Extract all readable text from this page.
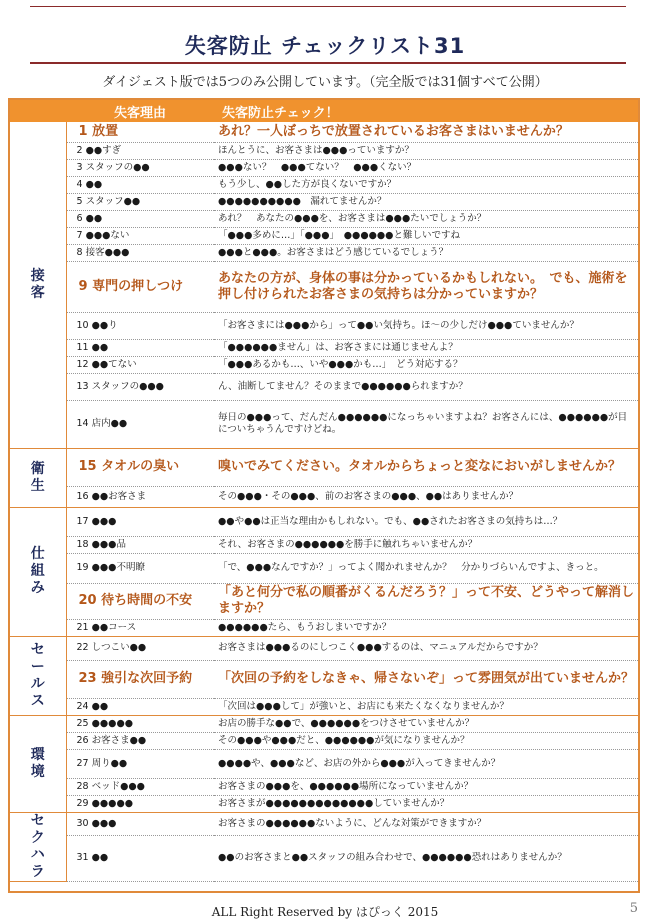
失客防止 チェックリスト31
ダイジェスト版では5つのみ公開しています。（完全版では31個すべて公開）
	失客理由	失客防止チェック！
接客	1 放置	あれ？一人ぼっちで放置されているお客さまはいませんか？
	2 ●●すぎ	ほんとうに、お客さまは●●●っていますか？
	3 スタッフの●●	●●●ない？　●●●てない？　●●●くない？
	4 ●●	もう少し、●●した方が良くないですか？
	5 スタッフ●●	●●●●●●●●●●　漏れてませんか？
	6 ●●	あれ？　あなたの●●●を、お客さまは●●●たいでしょうか？
	7 ●●●ない	「●●●多めに…」「●●●」　●●●●●●と難しいですね
	8 接客●●●	●●●と●●●。お客さまはどう感じているでしょう？
	9 専門の押しつけ	あなたの方が、身体の事は分かっているかもしれない。　でも、施術を押し付けられたお客さまの気持ちは分かっていますか？
	10 ●●り	「お客さまには●●●から」って●●い気持ち。ほ～の少しだけ●●●ていませんか？
	11 ●●	「●●●●●●ません」は、お客さまには通じませんよ？
	12 ●●てない	「●●●あるかも…、いや●●●かも…」　どう対応する？
	13 スタッフの●●●	ん、油断してません？そのままで●●●●●●られますか？
	14 店内●●	毎日の●●●って、だんだん●●●●●●になっちゃいますよね？お客さんには、●●●●●●が目についちゃうんですけどね。
衛生	15 タオルの臭い	嗅いでみてください。タオルからちょっと変なにおいがしませんか？
	16 ●●お客さま	その●●●・その●●●、前のお客さまの●●●、●●はありませんか？
仕組み	17 ●●●	●●や●●は正当な理由かもしれない。でも、●●されたお客さまの気持ちは…？
	18 ●●●品	それ、お客さまの●●●●●●を勝手に触れちゃいませんか？
	19 ●●●不明瞭	「で、●●●なんですか？」ってよく聞かれませんか？　分かりづらいんですよ、きっと。
	20 待ち時間の不安	「あと何分で私の順番がくるんだろう？」って不安、どうやって解消しますか？
	21 ●●コース	●●●●●●たら、もうおしまいですか？
セールス	22 しつこい●●	お客さまは●●●るのにしつこく●●●するのは、マニュアルだからですか？
	23 強引な次回予約	「次回の予約をしなきゃ、帰さないぞ」って雰囲気が出ていませんか？
	24 ●●	「次回は●●●して」が強いと、お店にも来たくなくなりませんか？
環境	25 ●●●●●	お店の勝手な●●で、●●●●●●をつけさせていませんか？
	26 お客さま●●	その●●●や●●●だと、●●●●●●が気になりませんか？
	27 周り●●	●●●●や、●●●など、お店の外から●●●が入ってきませんか？
	28 ベッド●●●	お客さまの●●●を、●●●●●●場所になっていませんか？
	29 ●●●●●	お客さまが●●●●●●●●●●●●●していませんか？
セクハラ	30 ●●●	お客さまの●●●●●●ないように、どんな対策ができますか？
	31 ●●	●●のお客さまと●●スタッフの組み合わせで、●●●●●●恐れはありませんか？
ALL Right Reserved by はぴっく 2015	5
